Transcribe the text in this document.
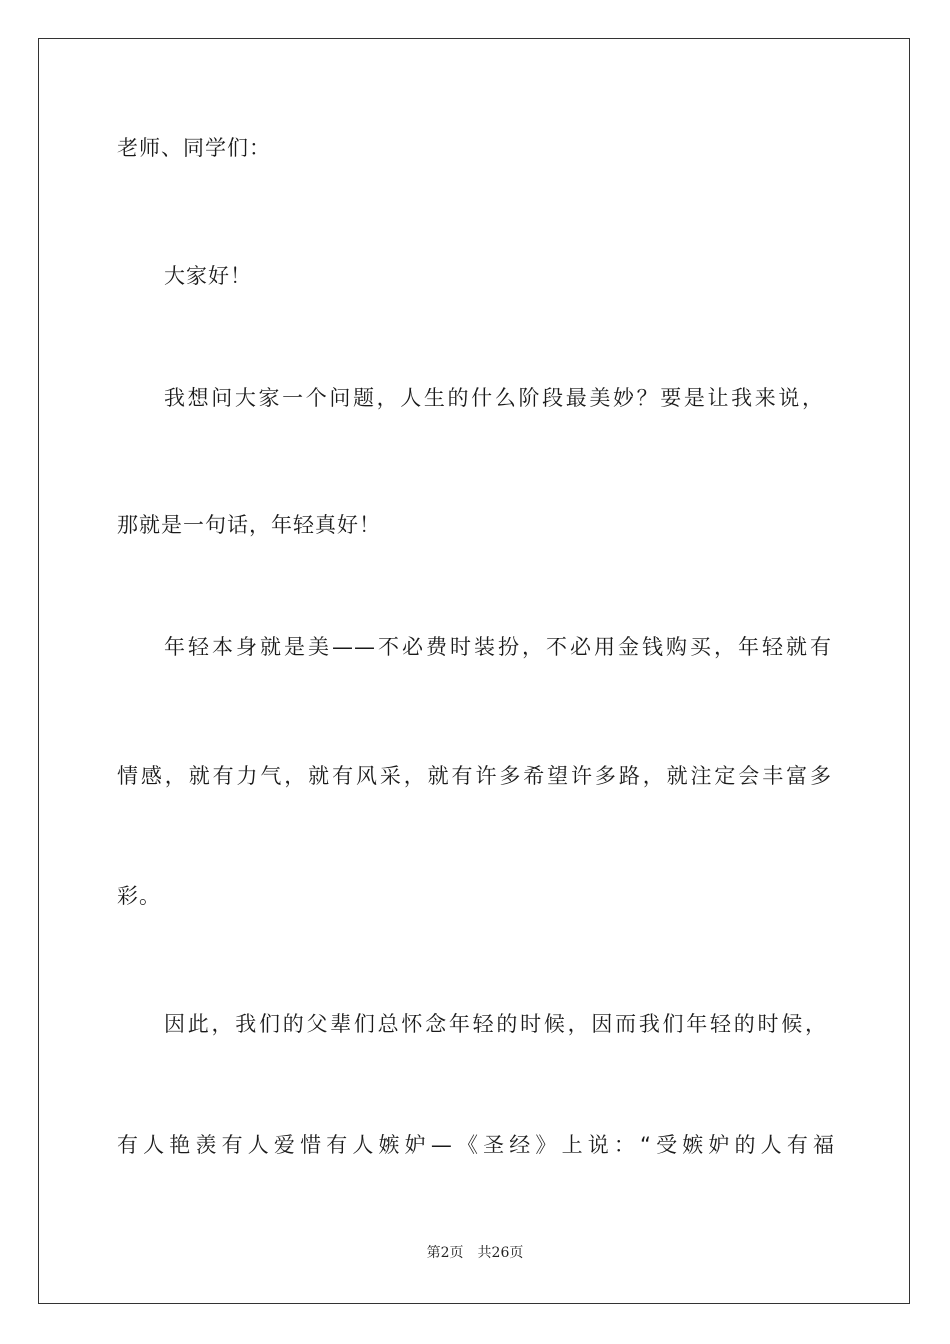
老师、同学们：
大家好！
我想问大家一个问题，人生的什么阶段最美妙？要是让我来说，
那就是一句话，年轻真好！
年轻本身就是美——不必费时装扮，不必用金钱购买，年轻就有
情感，就有力气，就有风采，就有许多希望许多路，就注定会丰富多
彩。
因此，我们的父辈们总怀念年轻的时候，因而我们年轻的时候，
有人艳羡有人爱惜有人嫉妒—《圣经》上说：“受嫉妒的人有福
第2页 共26页
